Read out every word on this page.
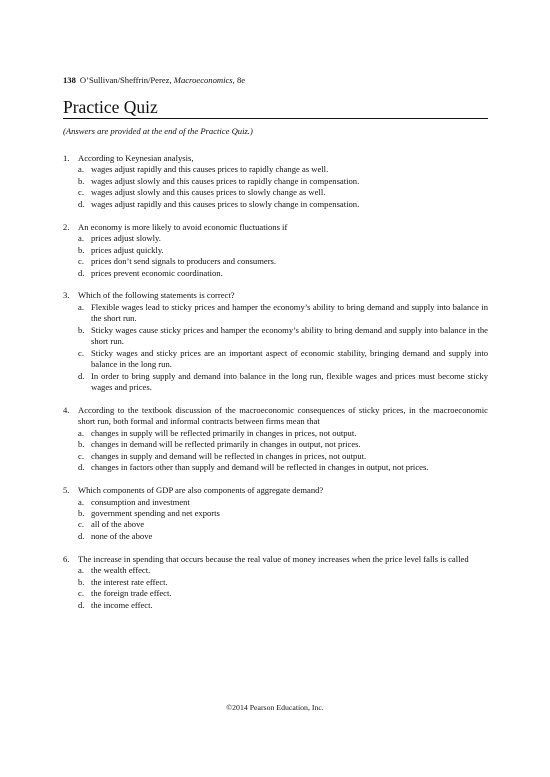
138 O’Sullivan/Sheffrin/Perez, Macroeconomics, 8e
Practice Quiz
(Answers are provided at the end of the Practice Quiz.)
1. According to Keynesian analysis,
a. wages adjust rapidly and this causes prices to rapidly change as well.
b. wages adjust slowly and this causes prices to rapidly change in compensation.
c. wages adjust slowly and this causes prices to slowly change as well.
d. wages adjust rapidly and this causes prices to slowly change in compensation.
2. An economy is more likely to avoid economic fluctuations if
a. prices adjust slowly.
b. prices adjust quickly.
c. prices don’t send signals to producers and consumers.
d. prices prevent economic coordination.
3. Which of the following statements is correct?
a. Flexible wages lead to sticky prices and hamper the economy’s ability to bring demand and supply into balance in the short run.
b. Sticky wages cause sticky prices and hamper the economy’s ability to bring demand and supply into balance in the short run.
c. Sticky wages and sticky prices are an important aspect of economic stability, bringing demand and supply into balance in the long run.
d. In order to bring supply and demand into balance in the long run, flexible wages and prices must become sticky wages and prices.
4. According to the textbook discussion of the macroeconomic consequences of sticky prices, in the macroeconomic short run, both formal and informal contracts between firms mean that
a. changes in supply will be reflected primarily in changes in prices, not output.
b. changes in demand will be reflected primarily in changes in output, not prices.
c. changes in supply and demand will be reflected in changes in prices, not output.
d. changes in factors other than supply and demand will be reflected in changes in output, not prices.
5. Which components of GDP are also components of aggregate demand?
a. consumption and investment
b. government spending and net exports
c. all of the above
d. none of the above
6. The increase in spending that occurs because the real value of money increases when the price level falls is called
a. the wealth effect.
b. the interest rate effect.
c. the foreign trade effect.
d. the income effect.
©2014 Pearson Education, Inc.
